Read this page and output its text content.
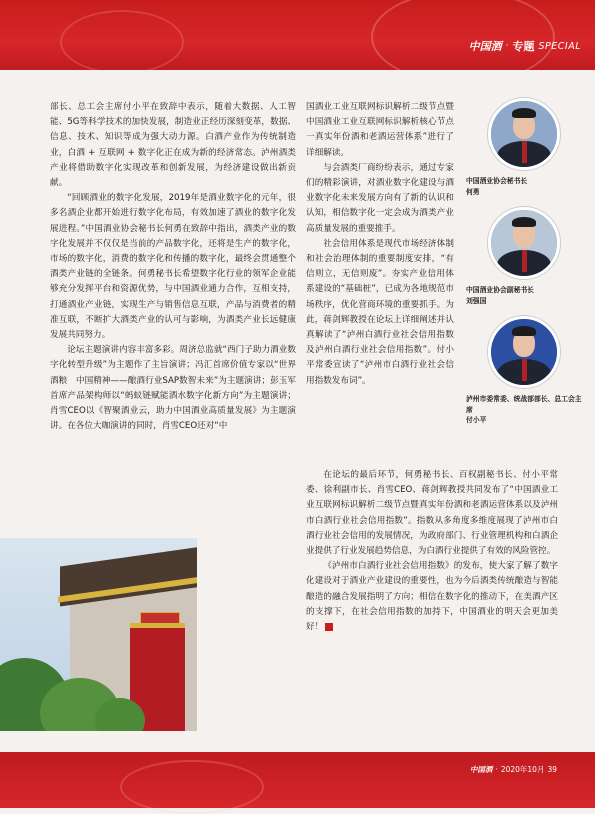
中国酒 · 专题 SPECIAL

部长、总工会主席付小平在致辞中表示，随着大数据、人工智能、5G等科学技术的加快发展，制造业正经历深刻变革，数据、信息、技术、知识等成为强大动力源。白酒产业作为传统制造业，白酒 + 互联网 + 数字化正在成为新的经济常态。泸州酒类产业将借助数字化实现改革和创新发展，为经济建设做出新贡献。

“回顾酒业的数字化发展，2019年是酒业数字化的元年，很多名酒企业都开始进行数字化布局，有效加速了酒业的数字化发展进程。”中国酒业协会秘书长何勇在致辞中指出，酒类产业的数字化发展并不仅仅是当前的产品数字化，还将是生产的数字化，市场的数字化，消费的数字化和传播的数字化，最终会贯通整个酒类产业链的全链条。何勇秘书长希望数字化行业的领军企业能够充分发挥平台和资源优势，与中国酒业通力合作，互相支持，打通酒业产业链，实现生产与销售信息互联，产品与消费者的精准互联，不断扩大酒类产业的认可与影响，为酒类产业长远健康发展共同努力。

论坛主题演讲内容丰富多彩。周济总监就“西门子助力酒业数字化转型升级”为主题作了主旨演讲；冯汇首席价值专家以“世界酒粮　中国精神——酿酒行业SAP数智未来”为主题演讲；彭玉军首席产品架构师以“蚂蚁链赋能酒水数字化新方向”为主题演讲；肖雪CEO以《智聚酒业云，助力中国酒业高质量发展》为主题演讲。在各位大咖演讲的同时，肖雪CEO还对“中

国酒业工业互联网标识解析二级节点暨中国酒业工业互联网标识解析核心节点一真实年份酒和老酒运营体系”进行了详细解读。

与会酒类厂商纷纷表示，通过专家们的精彩演讲，对酒业数字化建设与酒业数字化未来发展方向有了新的认识和认知，相信数字化一定会成为酒类产业高质量发展的重要推手。

社会信用体系是现代市场经济体制和社会治理体制的重要制度安排，“有信则立，无信则废”。夯实产业信用体系建设的“基础桩”，已成为各地规范市场秩序，优化营商环境的重要抓手。为此，蒋剑辉教授在论坛上详细阐述并认真解读了“泸州白酒行业社会信用指数及泸州白酒行业社会信用指数”。付小平常委宣读了“泸州市白酒行业社会信用指数发布词”。

中国酒业协会秘书长
何勇
中国酒业协会副秘书长
刘强国
泸州市委常委、统战部部长、总工会主席
付小平

在论坛的最后环节，何勇秘书长、百权副秘书长、付小平常委、徐利副市长、肖雪CEO、蒋剑辉教授共同发布了“中国酒业工业互联网标识解析二级节点暨真实年份酒和老酒运营体系以及泸州市白酒行业社会信用指数”。指数从多角度多维度展现了泸州市白酒行业社会信用的发展情况，为政府部门、行业管理机构和白酒企业提供了行业发展趋势信息，为白酒行业提供了有效的风险管控。

《泸州市白酒行业社会信用指数》的发布，使大家了解了数字化建设对于酒业产业建设的重要性，也为今后酒类传统酿造与智能酿造的融合发展指明了方向；相信在数字化的推动下，在美酒产区的支撑下，在社会信用指数的加持下，中国酒业的明天会更加美好！

中国酒 · 2020年10月 39
